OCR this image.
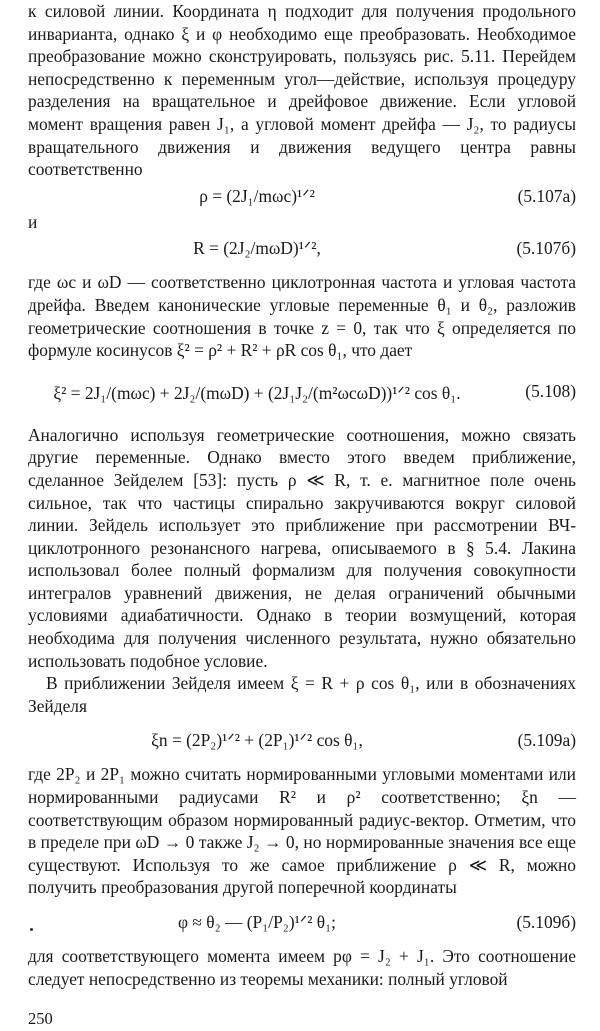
к силовой линии. Координата η подходит для получения продольного инварианта, однако ξ и φ необходимо еще преобразовать. Необходимое преобразование можно сконструировать, пользуясь рис. 5.11. Перейдем непосредственно к переменным угол—действие, используя процедуру разделения на вращательное и дрейфовое движение. Если угловой момент вращения равен J₁, а угловой момент дрейфа — J₂, то радиусы вращательного движения и движения ведущего центра равны соответственно

ρ = (2J₁/mωc)¹ᐟ²	(5.107а)

и

R = (2J₂/mωD)¹ᐟ²,	(5.107б)

где ωc и ωD — соответственно циклотронная частота и угловая частота дрейфа. Введем канонические угловые переменные θ₁ и θ₂, разложив геометрические соотношения в точке z = 0, так что ξ определяется по формуле косинусов ξ² = ρ² + R² + ρR cos θ₁, что дает

ξ² = 2J₁/(mωc) + 2J₂/(mωD) + (2J₁J₂/(m²ωcωD))¹ᐟ² cos θ₁.	(5.108)

Аналогично используя геометрические соотношения, можно связать другие переменные. Однако вместо этого введем приближение, сделанное Зейделем [53]: пусть ρ ≪ R, т. е. магнитное поле очень сильное, так что частицы спирально закручиваются вокруг силовой линии. Зейдель использует это приближение при рассмотрении ВЧ-циклотронного резонансного нагрева, описываемого в § 5.4. Лакина использовал более полный формализм для получения совокупности интегралов уравнений движения, не делая ограничений обычными условиями адиабатичности. Однако в теории возмущений, которая необходима для получения численного результата, нужно обязательно использовать подобное условие.

В приближении Зейделя имеем ξ = R + ρ cos θ₁, или в обозначениях Зейделя

ξn = (2P₂)¹ᐟ² + (2P₁)¹ᐟ² cos θ₁,	(5.109а)

где 2P₂ и 2P₁ можно считать нормированными угловыми моментами или нормированными радиусами R² и ρ² соответственно; ξn — соответствующим образом нормированный радиус-вектор. Отметим, что в пределе при ωD → 0 также J₂ → 0, но нормированные значения все еще существуют. Используя то же самое приближение ρ ≪ R, можно получить преобразования другой поперечной координаты

φ ≈ θ₂ — (P₁/P₂)¹ᐟ² θ₁;	(5.109б)

для соответствующего момента имеем pφ = J₂ + J₁. Это соотношение следует непосредственно из теоремы механики: полный угловой

250
